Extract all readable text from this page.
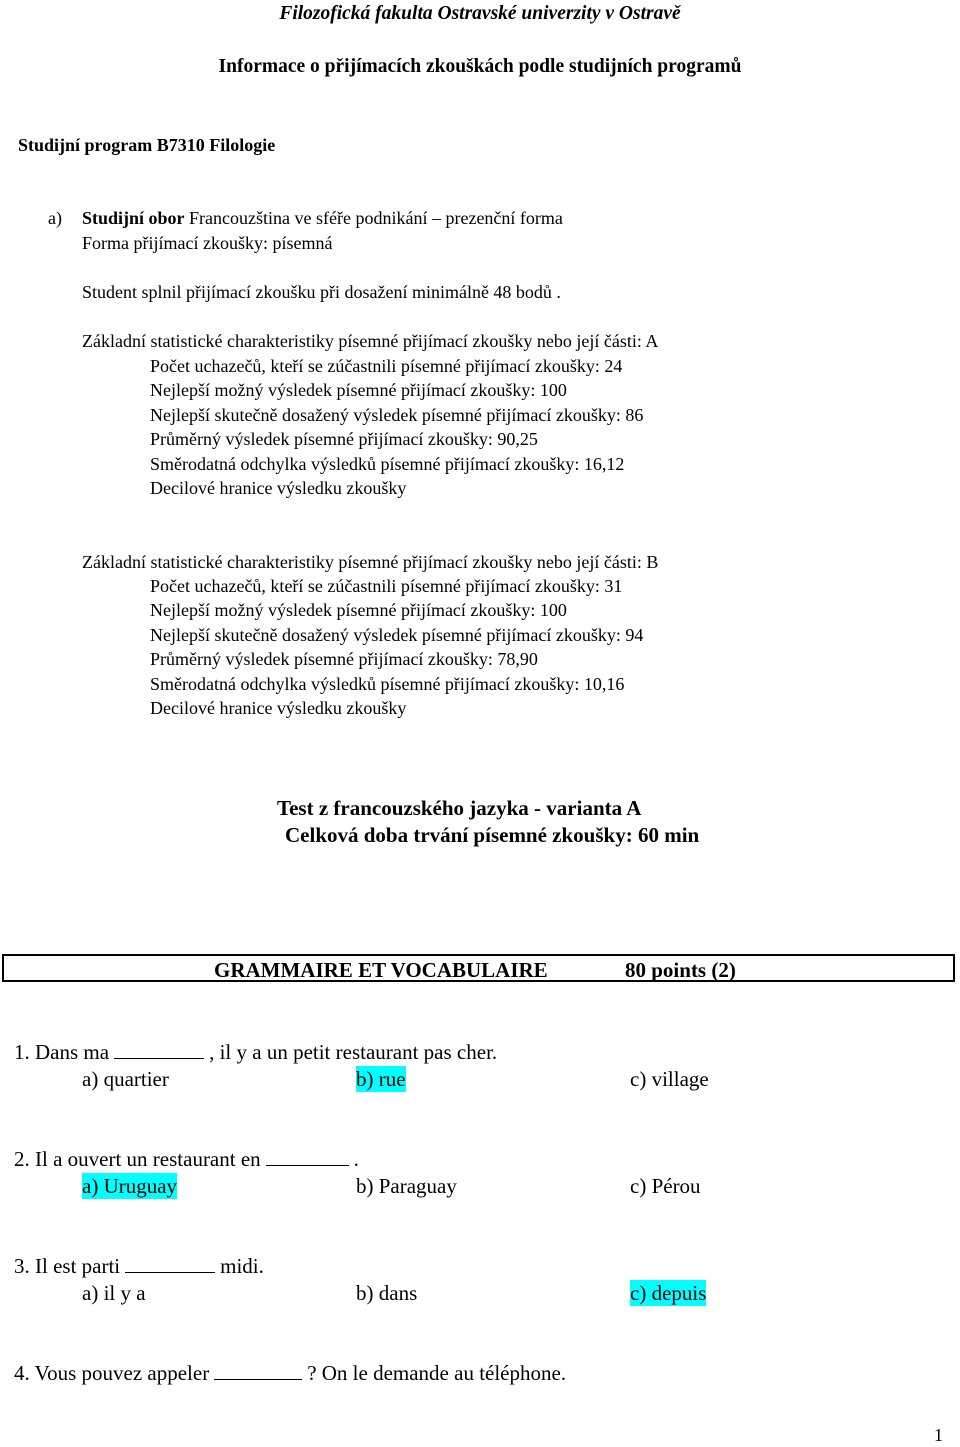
Filozofická fakulta Ostravské univerzity v Ostravě
Informace o přijímacích zkouškách podle studijních programů
Studijní program B7310 Filologie
a) Studijní obor Francouzština ve sféře podnikání – prezenční forma
Forma přijímací zkoušky: písemná
Student splnil přijímací zkoušku při dosažení minimálně 48 bodů .
Základní statistické charakteristiky písemné přijímací zkoušky nebo její části: A
Počet uchazečů, kteří se zúčastnili písemné přijímací zkoušky: 24
Nejlepší možný výsledek písemné přijímací zkoušky: 100
Nejlepší skutečně dosažený výsledek písemné přijímací zkoušky: 86
Průměrný výsledek písemné přijímací zkoušky: 90,25
Směrodatná odchylka výsledků písemné přijímací zkoušky: 16,12
Decilové hranice výsledku zkoušky
Základní statistické charakteristiky písemné přijímací zkoušky nebo její části: B
Počet uchazečů, kteří se zúčastnili písemné přijímací zkoušky: 31
Nejlepší možný výsledek písemné přijímací zkoušky: 100
Nejlepší skutečně dosažený výsledek písemné přijímací zkoušky: 94
Průměrný výsledek písemné přijímací zkoušky: 78,90
Směrodatná odchylka výsledků písemné přijímací zkoušky: 10,16
Decilové hranice výsledku zkoušky
Test z francouzského jazyka - varianta A
Celková doba trvání písemné zkoušky: 60 min
GRAMMAIRE ET VOCABULAIRE	80 points (2)
1. Dans ma	, il y a un petit restaurant pas cher.
a) quartier	b) rue	c) village
2. Il a ouvert un restaurant en	.
a) Uruguay	b) Paraguay	c) Pérou
3. Il est parti	midi.
a) il y a	b) dans	c) depuis
4. Vous pouvez appeler	? On le demande au téléphone.
1
